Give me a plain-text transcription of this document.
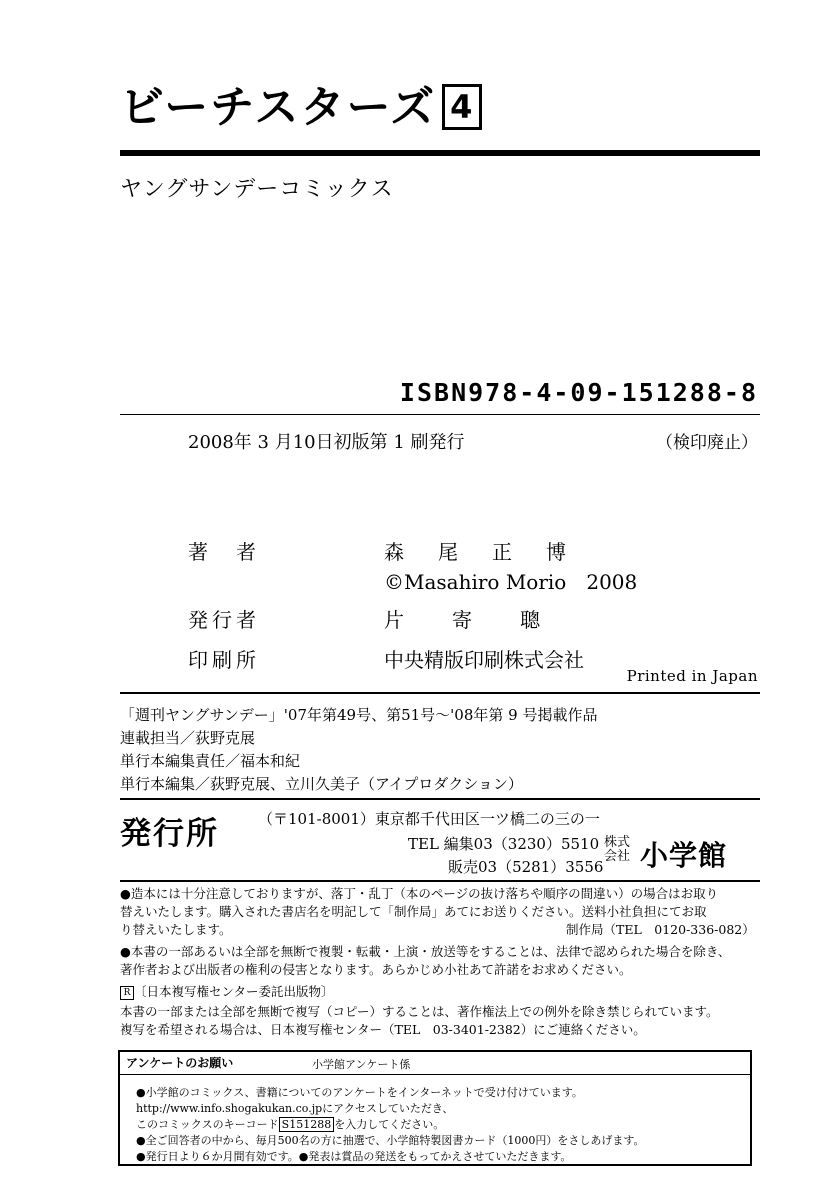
ビーチスターズ 4
ヤングサンデーコミックス
ISBN978-4-09-151288-8
2008年 3 月10日初版第 1 刷発行	（検印廃止）
著　者	森尾正博
©Masahiro Morio　2008
発行者	片寄聰
印刷所	中央精版印刷株式会社
Printed in Japan
「週刊ヤングサンデー」'07年第49号、第51号〜'08年第 9 号掲載作品
連載担当／荻野克展
単行本編集責任／福本和紀
単行本編集／荻野克展、立川久美子（アイプロダクション）
発行所	（〒101-8001）東京都千代田区一ツ橋二の三の一
TEL 編集03（3230）5510
販売03（5281）3556
株式会社 小学館
●造本には十分注意しておりますが、落丁・乱丁（本のページの抜け落ちや順序の間違い）の場合はお取り
替えいたします。購入された書店名を明記して「制作局」あてにお送りください。送料小社負担にてお取
り替えいたします。	制作局（TEL　0120-336-082）
●本書の一部あるいは全部を無断で複製・転載・上演・放送等をすることは、法律で認められた場合を除き、
著作者および出版者の権利の侵害となります。あらかじめ小社あて許諾をお求めください。
R 〔日本複写権センター委託出版物〕
本書の一部または全部を無断で複写（コピー）することは、著作権法上での例外を除き禁じられています。
複写を希望される場合は、日本複写権センター（TEL　03-3401-2382）にご連絡ください。
アンケートのお願い	小学館アンケート係
●小学館のコミックス、書籍についてのアンケートをインターネットで受け付けています。
http://www.info.shogakukan.co.jpにアクセスしていただき、
このコミックスのキーコード S151288 を入力してください。
●全ご回答者の中から、毎月500名の方に抽選で、小学館特製図書カード（1000円）をさしあげます。
●発行日より６か月間有効です。●発表は賞品の発送をもってかえさせていただきます。
